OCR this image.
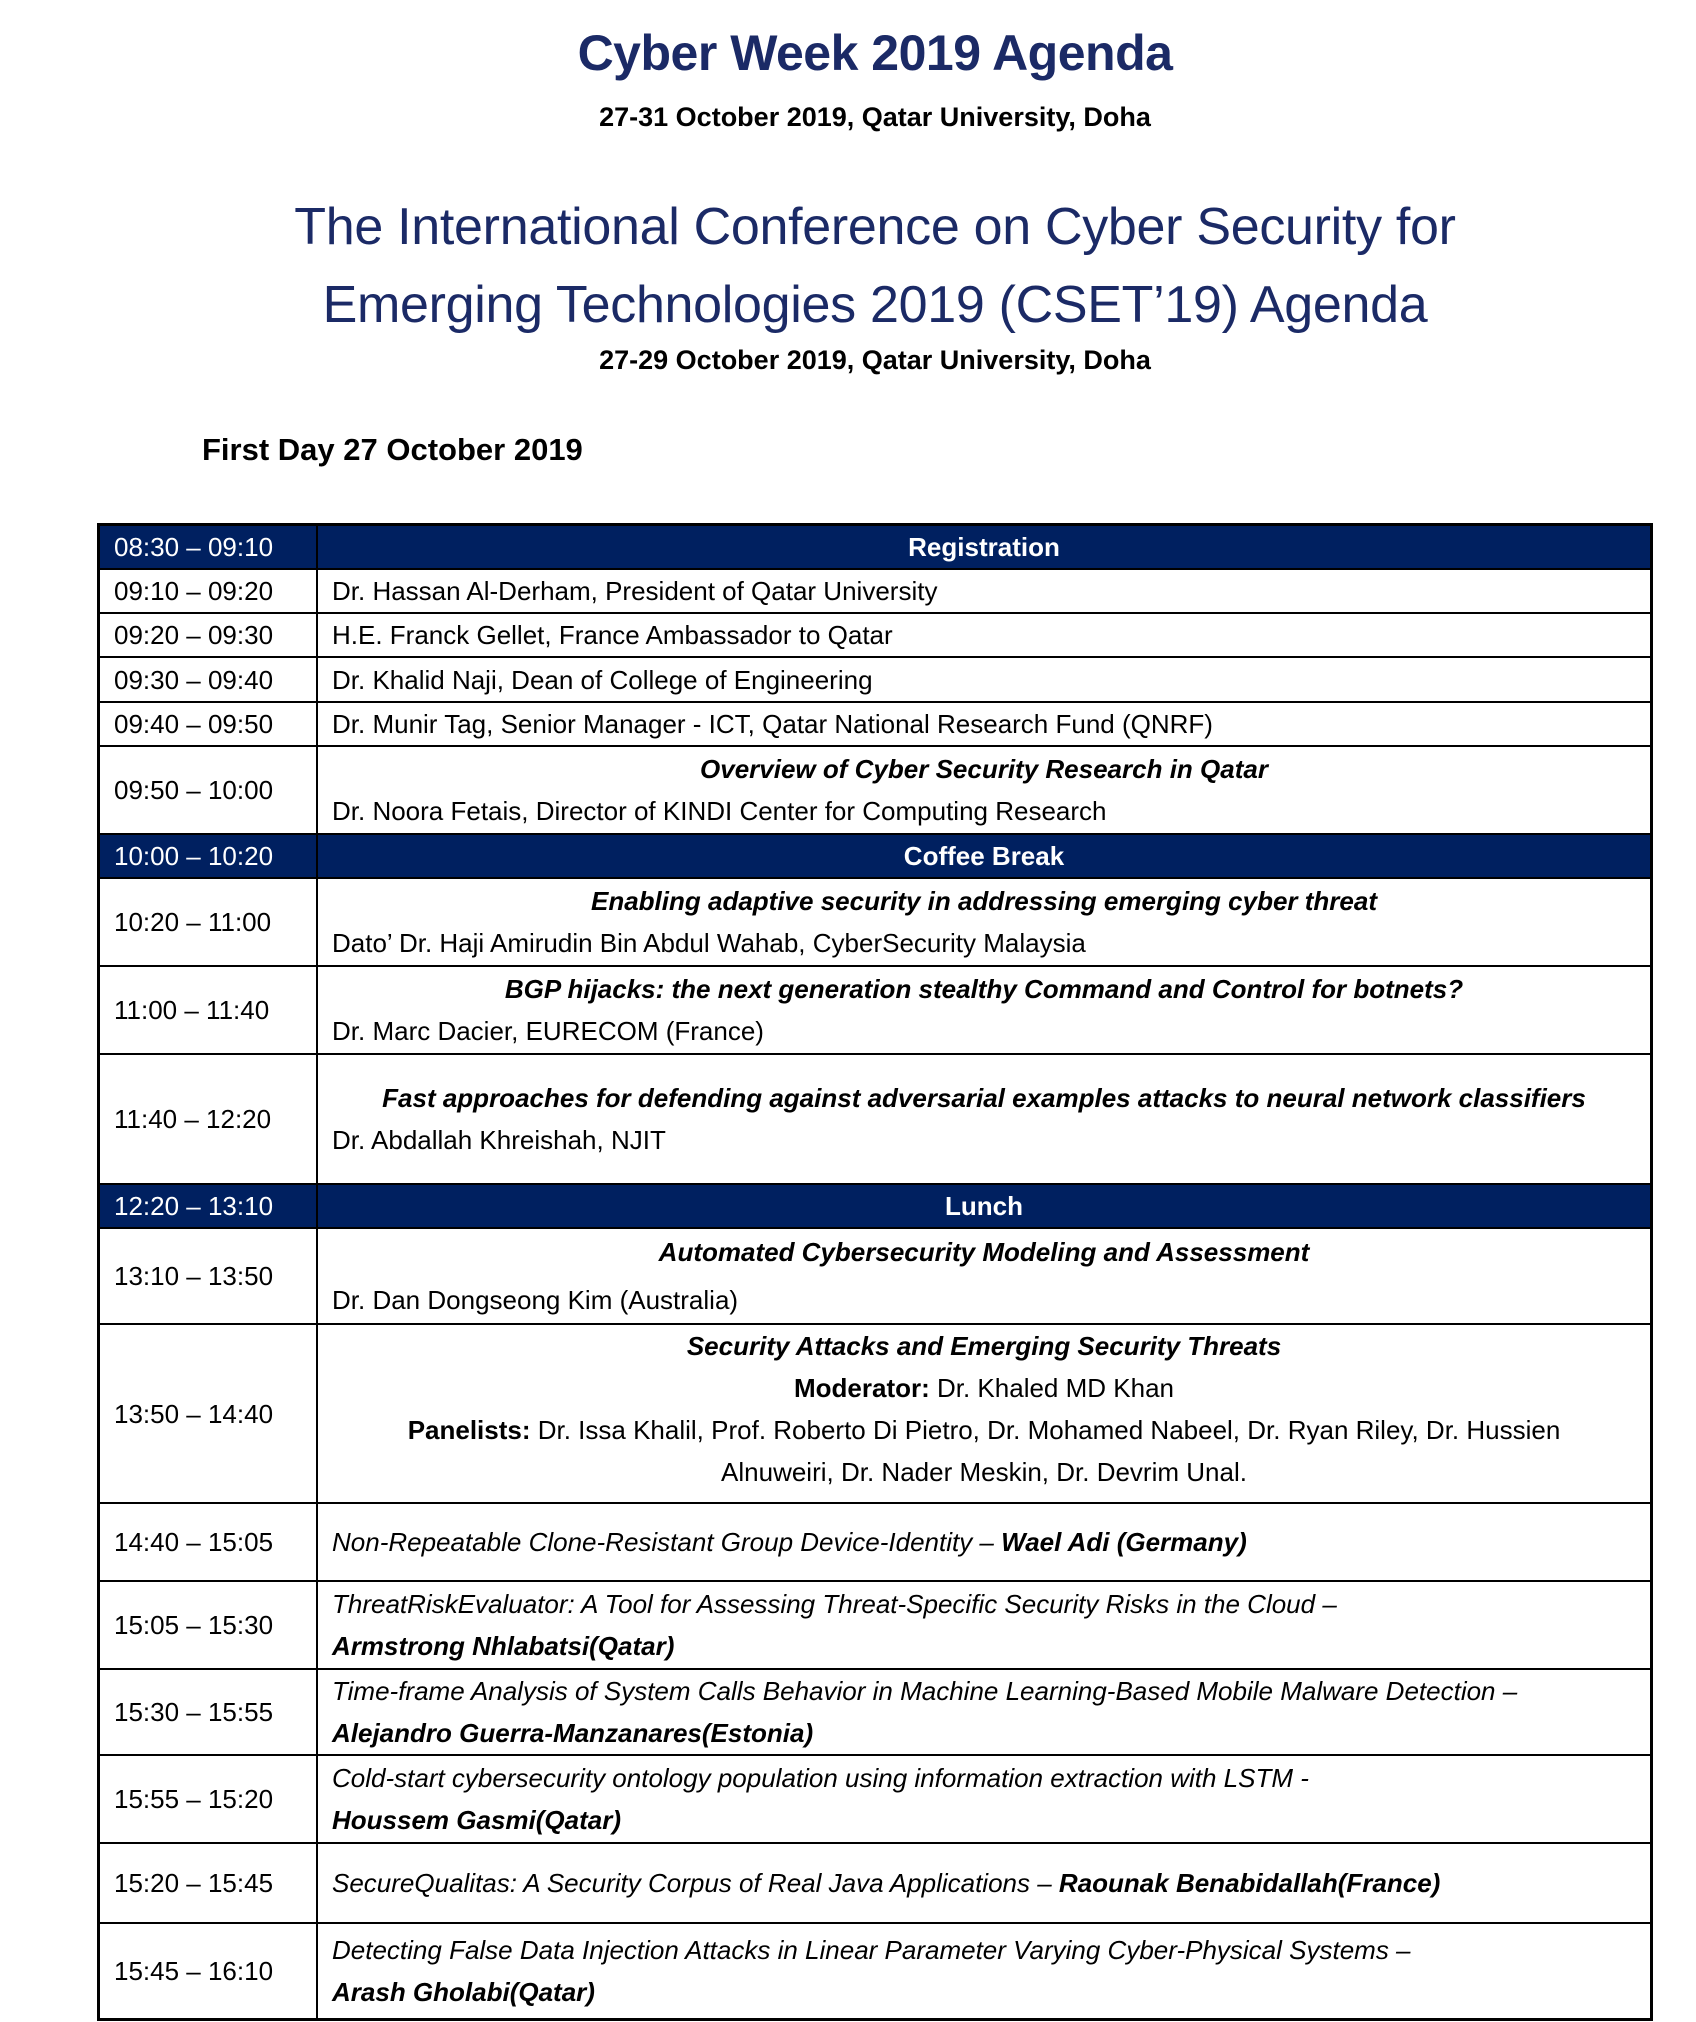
Cyber Week 2019 Agenda
27-31 October 2019, Qatar University, Doha
The International Conference on Cyber Security for
Emerging Technologies 2019 (CSET’19) Agenda
27-29 October 2019, Qatar University, Doha
First Day 27 October 2019
08:30 – 09:10	Registration
09:10 – 09:20	Dr. Hassan Al-Derham, President of Qatar University
09:20 – 09:30	H.E. Franck Gellet, France Ambassador to Qatar
09:30 – 09:40	Dr. Khalid Naji, Dean of College of Engineering
09:40 – 09:50	Dr. Munir Tag, Senior Manager - ICT, Qatar National Research Fund (QNRF)
09:50 – 10:00	Overview of Cyber Security Research in Qatar
Dr. Noora Fetais, Director of KINDI Center for Computing Research

10:00 – 10:20	Coffee Break
10:20 – 11:00	Enabling adaptive security in addressing emerging cyber threat
Dato’ Dr. Haji Amirudin Bin Abdul Wahab, CyberSecurity Malaysia

11:00 – 11:40	BGP hijacks: the next generation stealthy Command and Control for botnets?
Dr. Marc Dacier, EURECOM (France)

11:40 – 12:20	Fast approaches for defending against adversarial examples attacks to neural network classifiers
Dr. Abdallah Khreishah, NJIT

12:20 – 13:10	Lunch
13:10 – 13:50	Automated Cybersecurity Modeling and Assessment
Dr. Dan Dongseong Kim (Australia)

13:50 – 14:40	Security Attacks and Emerging Security Threats
Moderator: Dr. Khaled MD Khan
Panelists: Dr. Issa Khalil, Prof. Roberto Di Pietro, Dr. Mohamed Nabeel, Dr. Ryan Riley, Dr. Hussien Alnuweiri, Dr. Nader Meskin, Dr. Devrim Unal.

14:40 – 15:05	Non-Repeatable Clone-Resistant Group Device-Identity – Wael Adi (Germany)
15:05 – 15:30	ThreatRiskEvaluator: A Tool for Assessing Threat-Specific Security Risks in the Cloud –
Armstrong Nhlabatsi(Qatar)
15:30 – 15:55	Time-frame Analysis of System Calls Behavior in Machine Learning-Based Mobile Malware Detection – Alejandro Guerra-Manzanares(Estonia)
15:55 – 15:20	Cold-start cybersecurity ontology population using information extraction with LSTM -
Houssem Gasmi(Qatar)
15:20 – 15:45	SecureQualitas: A Security Corpus of Real Java Applications – Raounak Benabidallah(France)
15:45 – 16:10	Detecting False Data Injection Attacks in Linear Parameter Varying Cyber-Physical Systems –
Arash Gholabi(Qatar)
